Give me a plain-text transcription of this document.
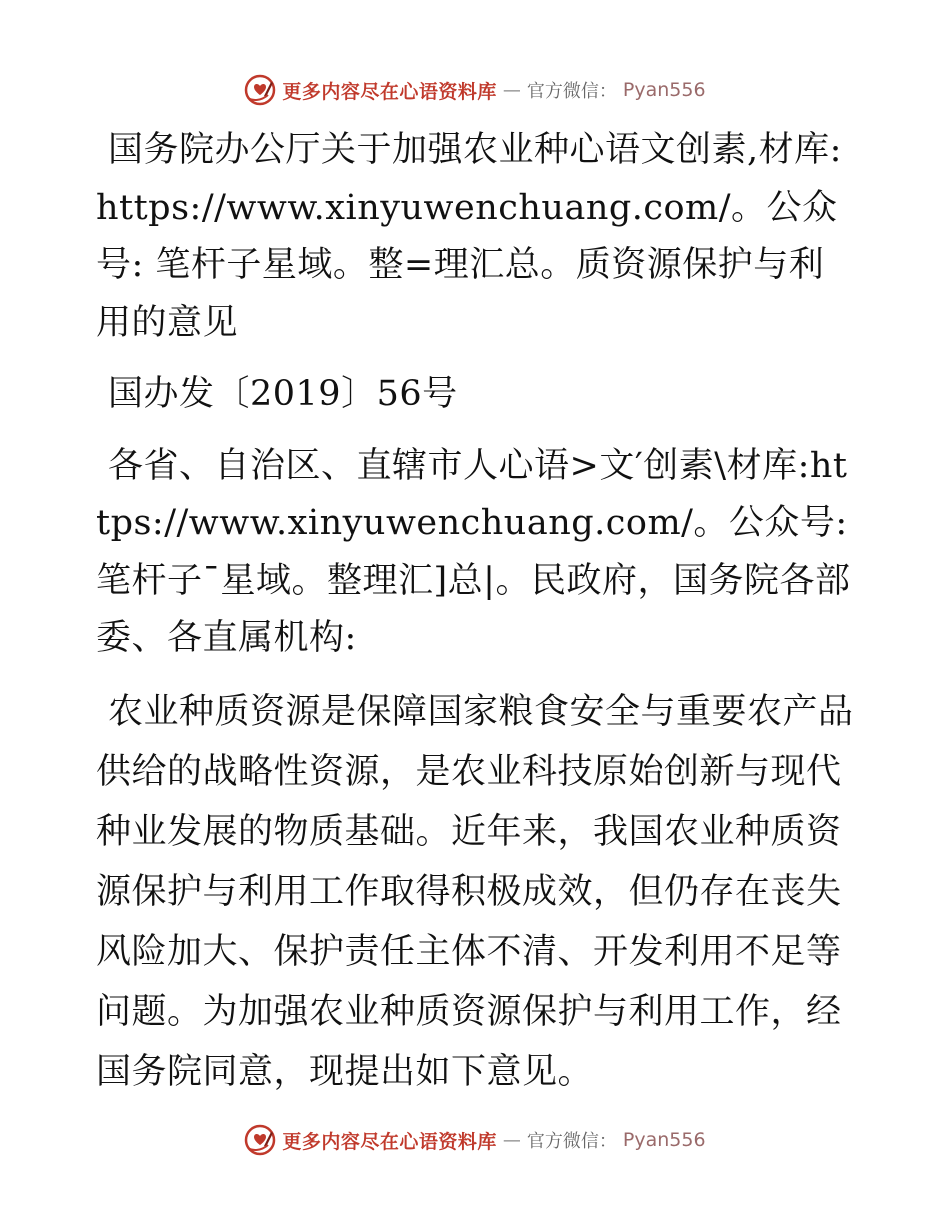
更多内容尽在心语资料库 — 官方微信： Pyan556

国务院办公厅关于加强农业种心语文创素,材库:https://www.xinyuwenchuang.com/。公众号: 笔杆子星域。整=理汇总。质资源保护与利用的意见

国办发〔2019〕56号

各省、自治区、直辖市人心语>文′创素\材库:https://www.xinyuwenchuang.com/。公众号: 笔杆子¯星域。整理汇]总|。民政府，国务院各部委、各直属机构:

农业种质资源是保障国家粮食安全与重要农产品供给的战略性资源，是农业科技原始创新与现代种业发展的物质基础。近年来，我国农业种质资源保护与利用工作取得积极成效，但仍存在丧失风险加大、保护责任主体不清、开发利用不足等问题。为加强农业种质资源保护与利用工作，经国务院同意，现提出如下意见。

更多内容尽在心语资料库 — 官方微信： Pyan556
